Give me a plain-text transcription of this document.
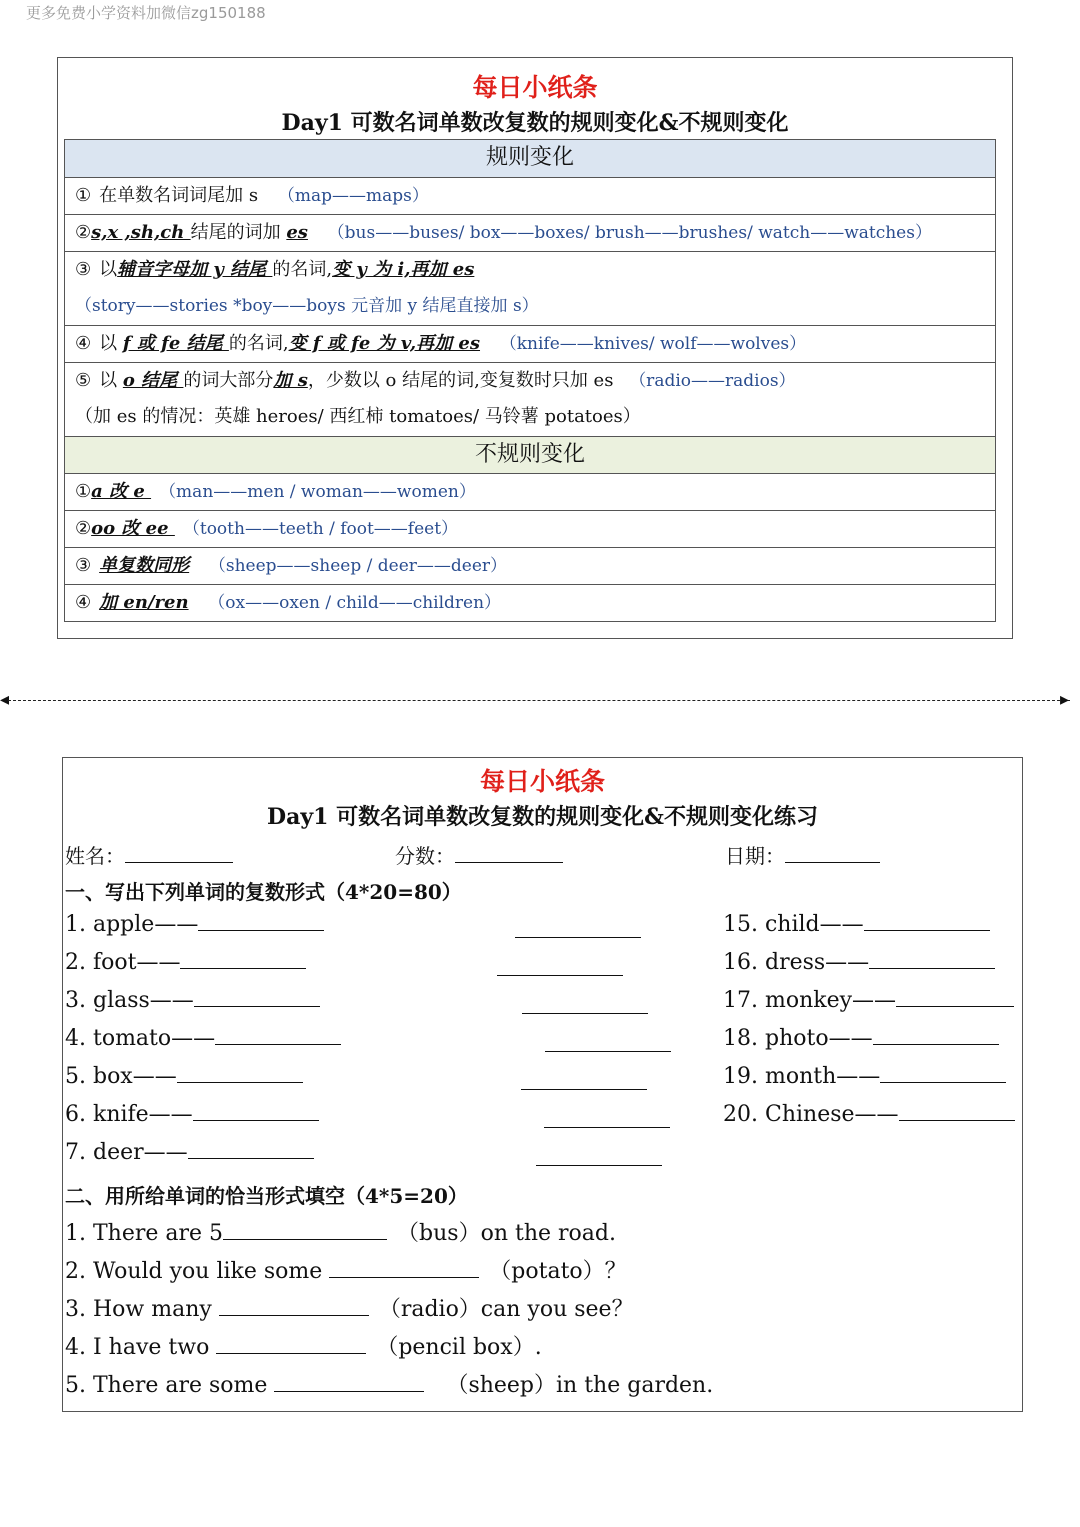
更多免费小学资料加微信zg150188
每日小纸条
Day1 可数名词单数改复数的规则变化&不规则变化
规则变化
① 在单数名词词尾加 s （map——maps）
②s,x ,sh,ch 结尾的词加 es （bus——buses/ box——boxes/ brush——brushes/ watch——watches）
③ 以辅音字母加 y 结尾 的名词,变 y 为 i,再加 es
（story——stories *boy——boys 元音加 y 结尾直接加 s）
④ 以 f 或 fe 结尾 的名词,变 f 或 fe 为 v,再加 es （knife——knives/ wolf——wolves）
⑤ 以 o 结尾 的词大部分加 s，少数以 o 结尾的词,变复数时只加 es （radio——radios）
（加 es 的情况：英雄 heroes/ 西红柿 tomatoes/ 马铃薯 potatoes）
不规则变化
①a 改 e （man——men / woman——women）
②oo 改 ee （tooth——teeth / foot——feet）
③ 单复数同形 （sheep——sheep / deer——deer）
④ 加 en/ren （ox——oxen / child——children）
◂	▸
每日小纸条
Day1 可数名词单数改复数的规则变化&不规则变化练习
姓名：	分数：	日期：
一、写出下列单词的复数形式（4*20=80）
1. apple——
2. foot——
3. glass——
4. tomato——
5. box——
6. knife——
7. deer——
15. child——
16. dress——
17. monkey——
18. photo——
19. month——
20. Chinese——
二、用所给单词的恰当形式填空（4*5=20）
1. There are 5	（bus）on the road.
2. Would you like some	（potato）？
3. How many	（radio）can you see？
4. I have two	（pencil box）.
5. There are some	（sheep）in the garden.
